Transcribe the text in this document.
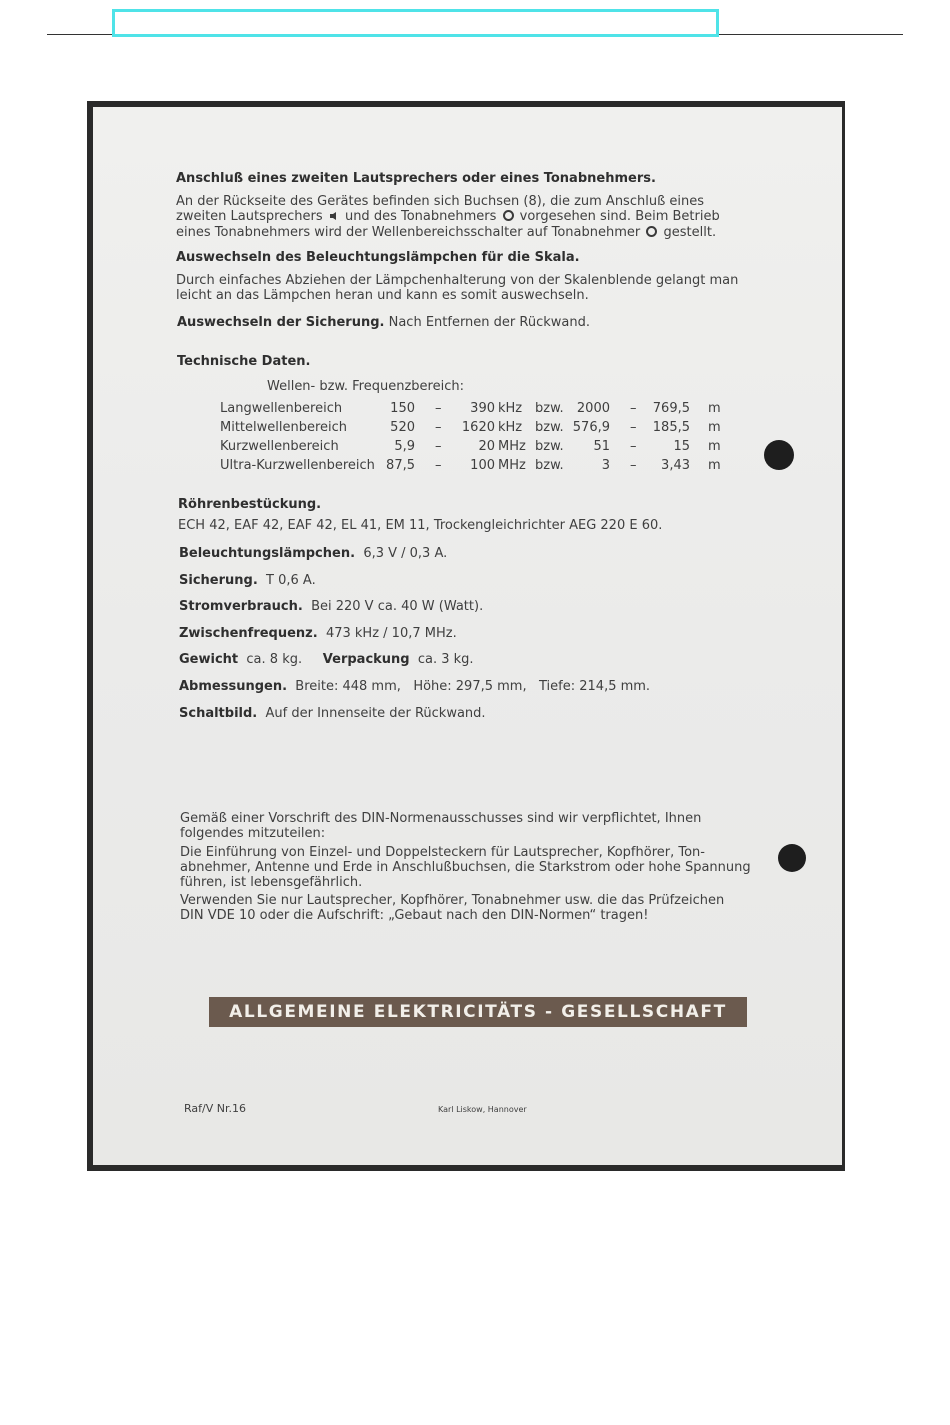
Anschluß eines zweiten Lautsprechers oder eines Tonabnehmers.
An der Rückseite des Gerätes befinden sich Buchsen (8), die zum Anschluß eines
zweiten Lautsprechers und des Tonabnehmers vorgesehen sind. Beim Betrieb
eines Tonabnehmers wird der Wellenbereichsschalter auf Tonabnehmer gestellt.
Auswechseln des Beleuchtungslämpchen für die Skala.
Durch einfaches Abziehen der Lämpchenhalterung von der Skalenblende gelangt man
leicht an das Lämpchen heran und kann es somit auswechseln.
Auswechseln der Sicherung. Nach Entfernen der Rückwand.
Technische Daten.
Wellen- bzw. Frequenzbereich:
Langwellenbereich	150 –	390 kHz bzw.	2000 –	769,5 m
Mittelwellenbereich	520 –	1620 kHz bzw. 576,9 –	185,5 m
Kurzwellenbereich	5,9 –	20 MHz bzw.	51 –	15 m
Ultra-Kurzwellenbereich 87,5 –	100 MHz bzw.	3 –	3,43 m
Röhrenbestückung.
ECH 42, EAF 42, EAF 42, EL 41, EM 11, Trockengleichrichter AEG 220 E 60.
Beleuchtungslämpchen. 6,3 V / 0,3 A.
Sicherung. T 0,6 A.
Stromverbrauch. Bei 220 V ca. 40 W (Watt).
Zwischenfrequenz. 473 kHz / 10,7 MHz.
Gewicht ca. 8 kg. Verpackung ca. 3 kg.
Abmessungen. Breite: 448 mm, Höhe: 297,5 mm, Tiefe: 214,5 mm.
Schaltbild. Auf der Innenseite der Rückwand.
Gemäß einer Vorschrift des DIN-Normenausschusses sind wir verpflichtet, Ihnen
folgendes mitzuteilen:
Die Einführung von Einzel- und Doppelsteckern für Lautsprecher, Kopfhörer, Ton-
abnehmer, Antenne und Erde in Anschlußbuchsen, die Starkstrom oder hohe Spannung
führen, ist lebensgefährlich.
Verwenden Sie nur Lautsprecher, Kopfhörer, Tonabnehmer usw. die das Prüfzeichen
DIN VDE 10 oder die Aufschrift: „Gebaut nach den DIN-Normen“ tragen!
ALLGEMEINE ELEKTRICITÄTS - GESELLSCHAFT
Raf/V Nr.16	Karl Liskow, Hannover
